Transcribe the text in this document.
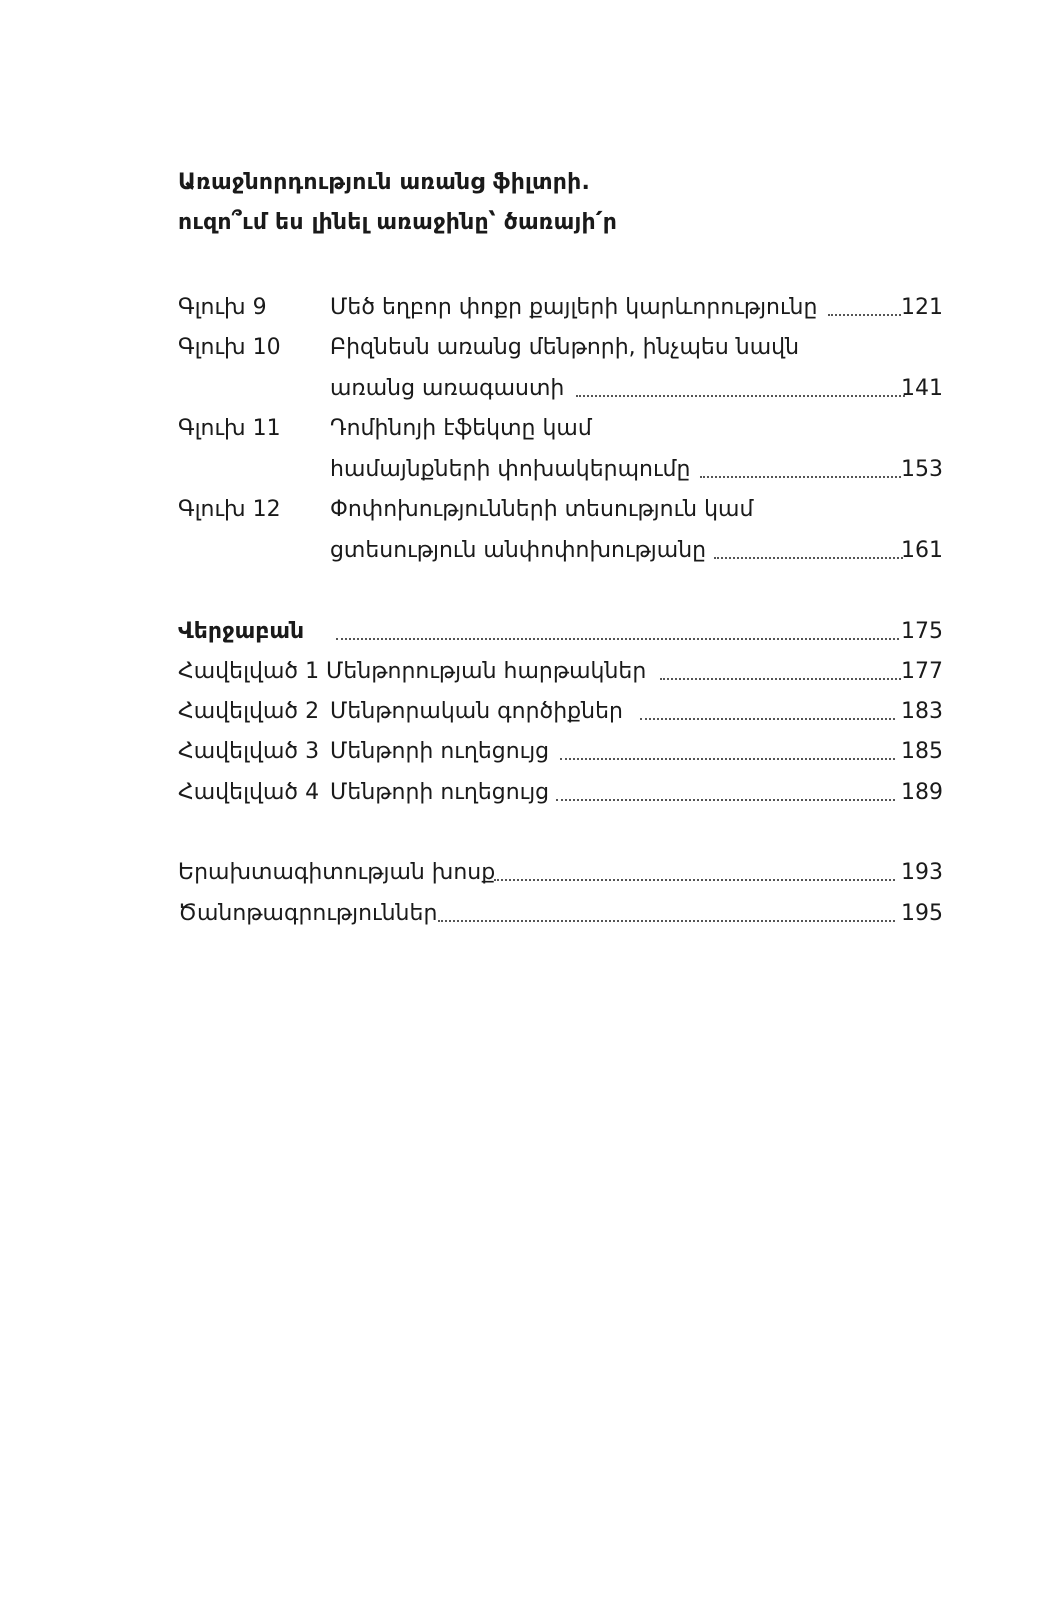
Առաջնորդություն առանց ֆիլտրի.
ուզո՞ւմ ես լինել առաջինը՝ ծառայի՛ր
Գլուխ 9	Մեծ եղբոր փոքր քայլերի կարևորությունը	121
Գլուխ 10 Բիզնեսն առանց մենթորի, ինչպես նավն
առանց առագաստի	141
Գլուխ 11 Դոմինոյի էֆեկտը կամ
համայնքների փոխակերպումը	153
Գլուխ 12 Փոփոխությունների տեսություն կամ
ցտեսություն անփոփոխությանը	161
Վերջաբան	175
Հավելված 1 Մենթորության հարթակներ	177
Հավելված 2 Մենթորական գործիքներ	183
Հավելված 3 Մենթորի ուղեցույց	185
Հավելված 4 Մենթորի ուղեցույց	189
Երախտագիտության խոսք	193
Ծանոթագրություններ	195
